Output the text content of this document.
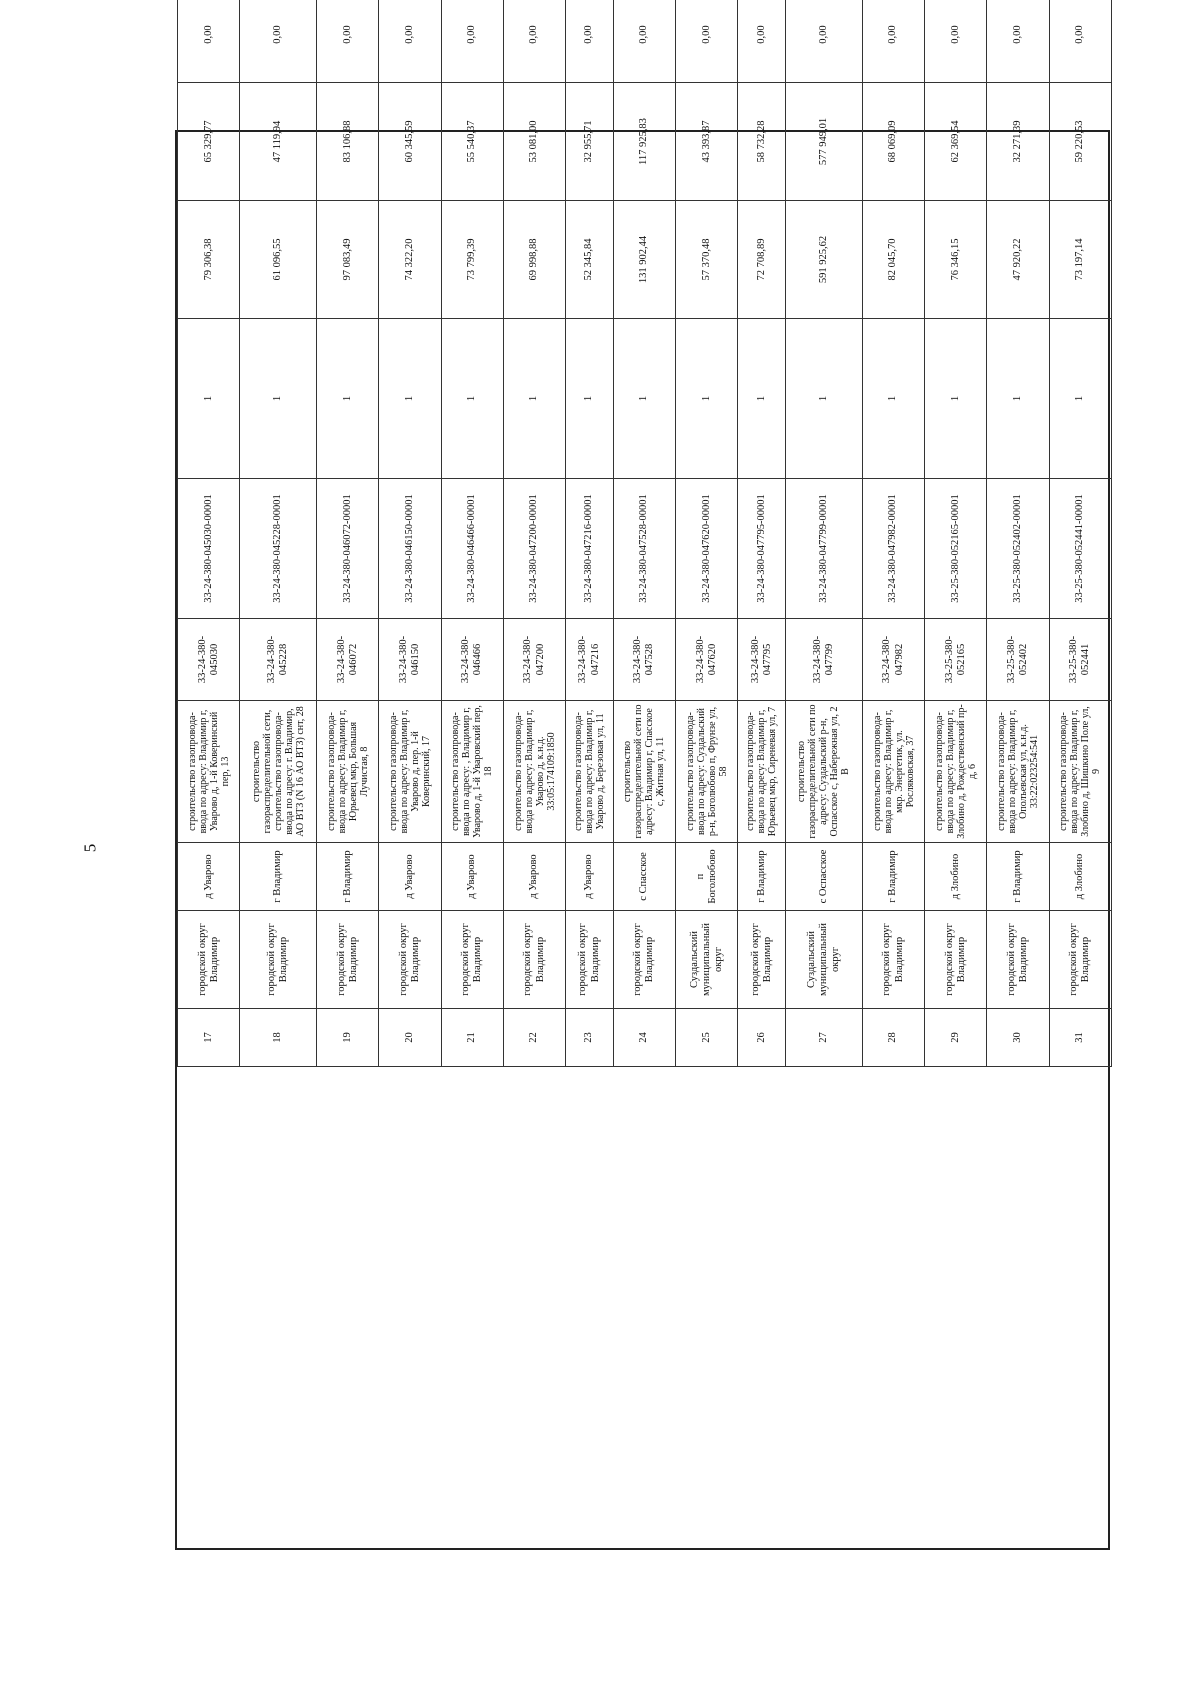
5
17	городской округ Владимир	д Уварово	строительство газопровода-ввода по адресу: Владимир г, Уварово д, 1-й Коверинский пер, 13	33-24-380-045030	33-24-380-045030-00001	1	79 306,38	65 329,77	0,00			
18	городской округ Владимир	г Владимир	строительство газораспределительной сети, строительство газопровода-ввода по адресу: г. Владимир, АО ВТЗ (N 16 АО ВТЗ) снт, 28	33-24-380-045228	33-24-380-045228-00001	1	61 096,55	47 119,94	0,00			
19	городской округ Владимир	г Владимир	строительство газопровода-ввода по адресу: Владимир г, Юрьевец мкр, Большая Лучистая, 8	33-24-380-046072	33-24-380-046072-00001	1	97 083,49	83 106,88	0,00			
20	городской округ Владимир	д Уварово	строительство газопровода-ввода по адресу: Владимир г, Уварово д, пер. 1-й Коверинский, 17	33-24-380-046150	33-24-380-046150-00001	1	74 322,20	60 345,59	0,00			
21	городской округ Владимир	д Уварово	строительство газопровода-ввода по адресу: , Владимир г, Уварово д, 1-й Уваровский пер, 18	33-24-380-046466	33-24-380-046466-00001	1	73 799,39	55 540,37	0,00			
22	городской округ Владимир	д Уварово	строительство газопровода-ввода по адресу: Владимир г, Уварово д, к.н.д. 33:05:174109:1850	33-24-380-047200	33-24-380-047200-00001	1	69 998,88	53 081,00	0,00			
23	городской округ Владимир	д Уварово	строительство газопровода-ввода по адресу: Владимир г, Уварово д, Березовая ул, 11	33-24-380-047216	33-24-380-047216-00001	1	52 345,84	32 955,71	0,00			
24	городской округ Владимир	с Спасское	строительство газораспределительной сети по адресу: Владимир г, Спасское с, Житная ул, 11	33-24-380-047528	33-24-380-047528-00001	1	131 902,44	117 925,83	0,00			
25	Суздальский муниципальный округ	п Боголюбово	строительство газопровода-ввода по адресу: Суздальский р-н, Боголюбово п, Фрунзе ул, 58	33-24-380-047620	33-24-380-047620-00001	1	57 370,48	43 393,87	0,00			
26	городской округ Владимир	г Владимир	строительство газопровода-ввода по адресу: Владимир г, Юрьевец мкр, Сиреневая ул, 7	33-24-380-047795	33-24-380-047795-00001	1	72 708,89	58 732,28	0,00			
27	Суздальский муниципальный округ	с Оспасское	строительство газораспределительной сети по адресу: Суздальский р-н, Оспасское с, Набережная ул, 2 В	33-24-380-047799	33-24-380-047799-00001	1	591 925,62	577 949,01	0,00			
28	городской округ Владимир	г Владимир	строительство газопровода-ввода по адресу: Владимир г, мкр. Энергетик, ул. Росляковская, 37	33-24-380-047982	33-24-380-047982-00001	1	82 045,70	68 069,09	0,00			
29	городской округ Владимир	д Злобино	строительство газопровода-ввода по адресу: Владимир г, Злобино д, Рождественский пр-д, 6	33-25-380-052165	33-25-380-052165-00001	1	76 346,15	62 369,54	0,00			
30	городской округ Владимир	г Владимир	строительство газопровода-ввода по адресу: Владимир г, Ополъевская ул, к.н.д. 33:22:023254:541	33-25-380-052402	33-25-380-052402-00001	1	47 920,22	32 271,39	0,00			
31	городской округ Владимир	д Злобино	строительство газопровода-ввода по адресу: Владимир г, Злобино д, Шишкино Поле ул, 9	33-25-380-052441	33-25-380-052441-00001	1	73 197,14	59 220,53	0,00			
